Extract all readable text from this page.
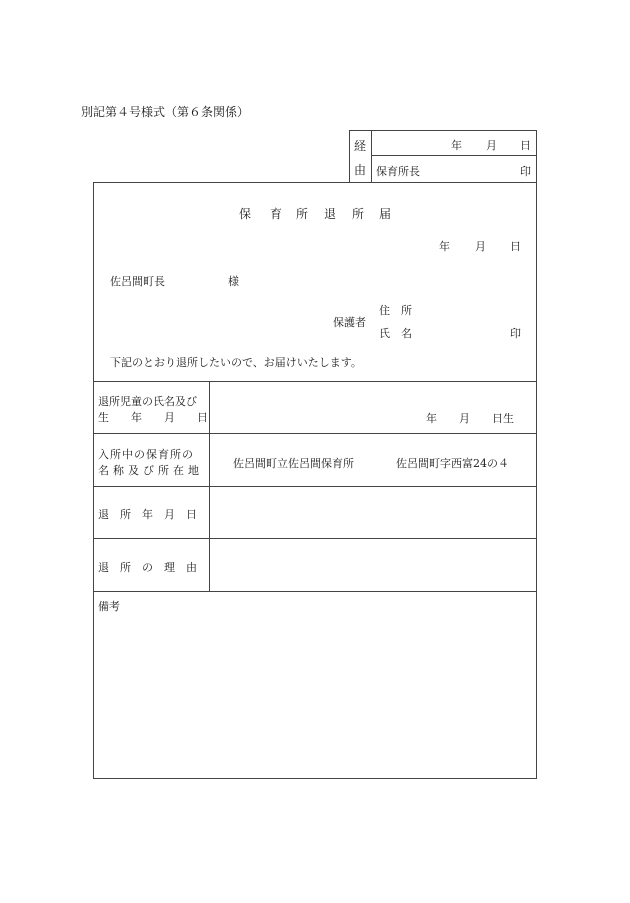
別記第４号様式（第６条関係）
経
由
年 月 日
保育所長	印
保 育 所 退 所 届
年 月 日
佐呂間町長	様
保護者
住　所
氏　名	印
下記のとおり退所したいので、お届けいたします。
退所児童の氏名及び
生　　年　　月　　日	年　　月　　日生
入所中の保育所の
名称及び所在地
佐呂間町立佐呂間保育所	佐呂間町字西富24の４
退　所　年　月　日
退　所　の　理　由
備考
